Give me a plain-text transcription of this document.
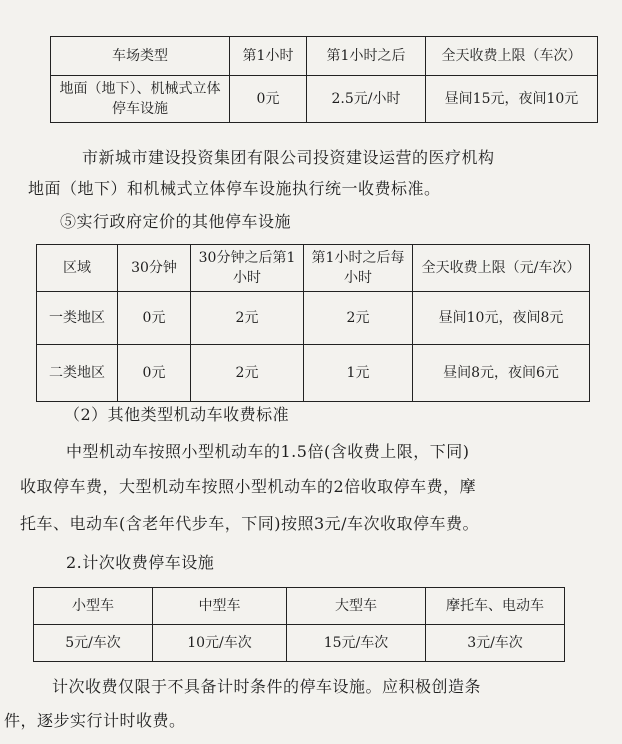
车场类型	第1小时	第1小时之后	全天收费上限（车次）
地面（地下）、机械式立体停车设施	0元	2.5元/小时	昼间15元，夜间10元
市新城市建设投资集团有限公司投资建设运营的医疗机构
地面（地下）和机械式立体停车设施执行统一收费标准。
⑤实行政府定价的其他停车设施
区域	30分钟	30分钟之后第1小时	第1小时之后每小时	全天收费上限（元/车次）
一类地区	0元	2元	2元	昼间10元，夜间8元
二类地区	0元	2元	1元	昼间8元，夜间6元
（2）其他类型机动车收费标准
中型机动车按照小型机动车的1.5倍(含收费上限，下同)
收取停车费，大型机动车按照小型机动车的2倍收取停车费，摩
托车、电动车(含老年代步车，下同)按照3元/车次收取停车费。
2.计次收费停车设施
小型车	中型车	大型车	摩托车、电动车
5元/车次	10元/车次	15元/车次	3元/车次
计次收费仅限于不具备计时条件的停车设施。应积极创造条
件，逐步实行计时收费。
